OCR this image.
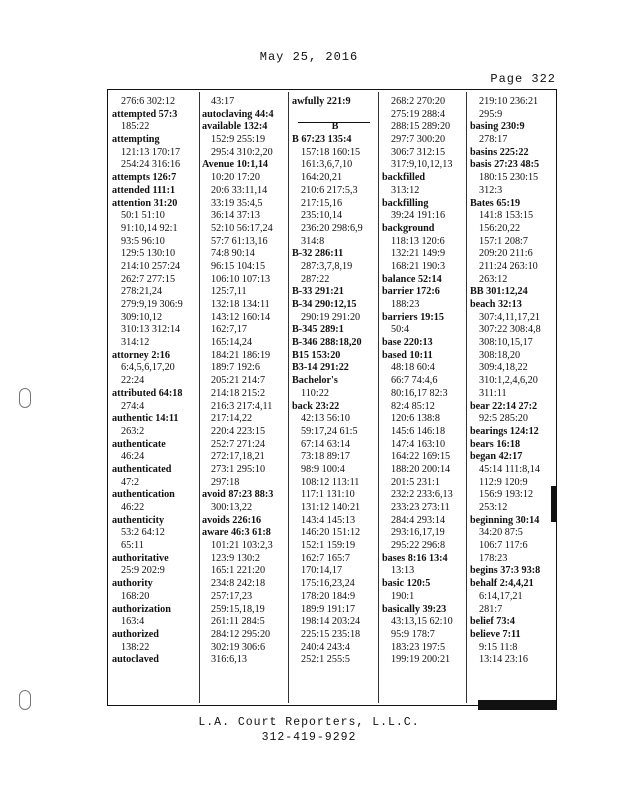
May 25, 2016
Page 322
276:6 302:12
attempted 57:3
185:22
attempting
121:13 170:17
254:24 316:16
attempts 126:7
attended 111:1
attention 31:20
50:1 51:10
91:10,14 92:1
93:5 96:10
129:5 130:10
214:10 257:24
262:7 277:15
278:21,24
279:9,19 306:9
309:10,12
310:13 312:14
314:12
attorney 2:16
6:4,5,6,17,20
22:24
attributed 64:18
274:4
authentic 14:11
263:2
authenticate
46:24
authenticated
47:2
authentication
46:22
authenticity
53:2 64:12
65:11
authoritative
25:9 202:9
authority
168:20
authorization
163:4
authorized
138:22
autoclaved
43:17
autoclaving 44:4
available 132:4
152:9 255:19
295:4 310:2,20
Avenue 10:1,14
10:20 17:20
20:6 33:11,14
33:19 35:4,5
36:14 37:13
52:10 56:17,24
57:7 61:13,16
74:8 90:14
96:15 104:15
106:10 107:13
125:7,11
132:18 134:11
143:12 160:14
162:7,17
165:14,24
184:21 186:19
189:7 192:6
205:21 214:7
214:18 215:2
216:3 217:4,11
217:14,22
220:4 223:15
252:7 271:24
272:17,18,21
273:1 295:10
297:18
avoid 87:23 88:3
300:13,22
avoids 226:16
aware 46:3 61:8
101:21 103:2,3
123:9 130:2
165:1 221:20
234:8 242:18
257:17,23
259:15,18,19
261:11 284:5
284:12 295:20
302:19 306:6
316:6,13
awfully 221:9
B
B 67:23 135:4
157:18 160:15
161:3,6,7,10
164:20,21
210:6 217:5,3
217:15,16
235:10,14
236:20 298:6,9
314:8
B-32 286:11
287:3,7,8,19
287:22
B-33 291:21
B-34 290:12,15
290:19 291:20
B-345 289:1
B-346 288:18,20
B15 153:20
B3-14 291:22
Bachelor's
110:22
back 23:22
42:13 56:10
59:17,24 61:5
67:14 63:14
73:18 89:17
98:9 100:4
108:12 113:11
117:1 131:10
131:12 140:21
143:4 145:13
146:20 151:12
152:1 159:19
162:7 165:7
170:14,17
175:16,23,24
178:20 184:9
189:9 191:17
198:14 203:24
225:15 235:18
240:4 243:4
252:1 255:5
268:2 270:20
275:19 288:4
288:15 289:20
297:7 300:20
306:7 312:15
317:9,10,12,13
backfilled
313:12
backfilling
39:24 191:16
background
118:13 120:6
132:21 149:9
168:21 190:3
balance 52:14
barrier 172:6
188:23
barriers 19:15
50:4
base 220:13
based 10:11
48:18 60:4
66:7 74:4,6
80:16,17 82:3
82:4 85:12
120:6 138:8
145:6 146:18
147:4 163:10
164:22 169:15
188:20 200:14
201:5 231:1
232:2 233:6,13
233:23 273:11
284:4 293:14
293:16,17,19
295:22 296:8
bases 8:16 13:4
13:13
basic 120:5
190:1
basically 39:23
43:13,15 62:10
95:9 178:7
183:23 197:5
199:19 200:21
219:10 236:21
295:9
basing 230:9
278:17
basins 225:22
basis 27:23 48:5
180:15 230:15
312:3
Bates 65:19
141:8 153:15
156:20,22
157:1 208:7
209:20 211:6
211:24 263:10
263:12
BB 301:12,24
beach 32:13
307:4,11,17,21
307:22 308:4,8
308:10,15,17
308:18,20
309:4,18,22
310:1,2,4,6,20
311:11
bear 22:14 27:2
92:5 285:20
bearings 124:12
bears 16:18
began 42:17
45:14 111:8,14
112:9 120:9
156:9 193:12
253:12
beginning 30:14
34:20 87:5
106:7 117:6
178:23
begins 37:3 93:8
behalf 2:4,4,21
6:14,17,21
281:7
belief 73:4
believe 7:11
9:15 11:8
13:14 23:16
L.A. Court Reporters, L.L.C.
312-419-9292
